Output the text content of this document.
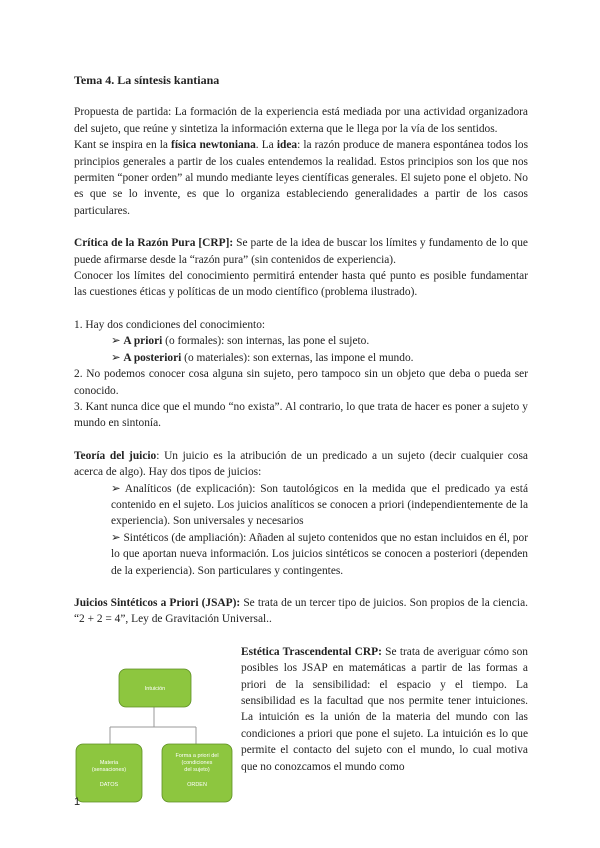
Tema 4. La síntesis kantiana

Propuesta de partida: La formación de la experiencia está mediada por una actividad organizadora del sujeto, que reúne y sintetiza la información externa que le llega por la vía de los sentidos.

Kant se inspira en la física newtoniana. La idea: la razón produce de manera espontánea todos los principios generales a partir de los cuales entendemos la realidad. Estos principios son los que nos permiten “poner orden” al mundo mediante leyes científicas generales. El sujeto pone el objeto. No es que se lo invente, es que lo organiza estableciendo generalidades a partir de los casos particulares.

Crítica de la Razón Pura [CRP]: Se parte de la idea de buscar los límites y fundamento de lo que puede afirmarse desde la “razón pura” (sin contenidos de experiencia).

Conocer los límites del conocimiento permitirá entender hasta qué punto es posible fundamentar las cuestiones éticas y políticas de un modo científico (problema ilustrado).

1. Hay dos condiciones del conocimiento:

➢ A priori (o formales): son internas, las pone el sujeto.

➢ A posteriori (o materiales): son externas, las impone el mundo.

2. No podemos conocer cosa alguna sin sujeto, pero tampoco sin un objeto que deba o pueda ser conocido.

3. Kant nunca dice que el mundo “no exista”. Al contrario, lo que trata de hacer es poner a sujeto y mundo en sintonía.

Teoría del juicio: Un juicio es la atribución de un predicado a un sujeto (decir cualquier cosa acerca de algo). Hay dos tipos de juicios:

➢ Analíticos (de explicación): Son tautológicos en la medida que el predicado ya está contenido en el sujeto. Los juicios analíticos se conocen a priori (independientemente de la experiencia). Son universales y necesarios

➢ Sintéticos (de ampliación): Añaden al sujeto contenidos que no estan incluidos en él, por lo que aportan nueva información. Los juicios sintéticos se conocen a posteriori (dependen de la experiencia). Son particulares y contingentes.

Juicios Sintéticos a Priori (JSAP): Se trata de un tercer tipo de juicios. Son propios de la ciencia. “2 + 2 = 4”, Ley de Gravitación Universal..

Intuición
Materia
(sensaciones)
DATOS
Forma a priori del
(condiciones
del sujeto)
ORDEN

Estética Trascendental CRP: Se trata de averiguar cómo son posibles los JSAP en matemáticas a partir de las formas a priori de la sensibilidad: el espacio y el tiempo. La sensibilidad es la facultad que nos permite tener intuiciones. La intuición es la unión de la materia del mundo con las condiciones a priori que pone el sujeto. La intuición es lo que permite el contacto del sujeto con el mundo, lo cual motiva que no conozcamos el mundo como

1
